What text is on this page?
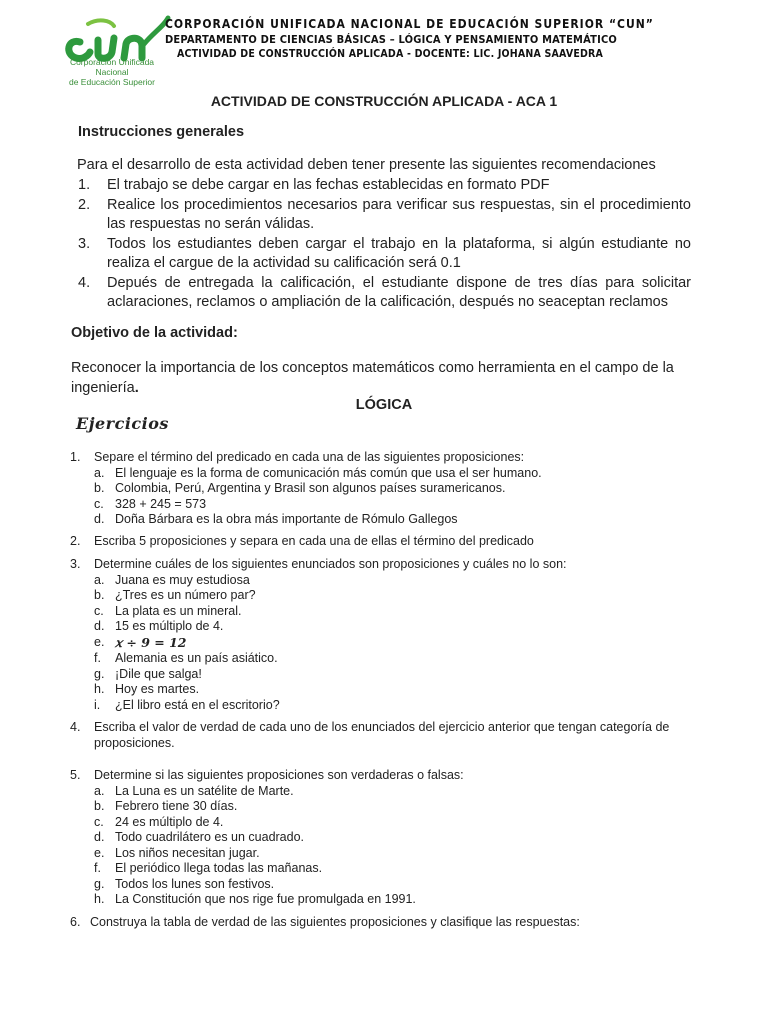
Corporación Unificada Nacional
de Educación Superior
CORPORACIÓN UNIFICADA NACIONAL DE EDUCACIÓN SUPERIOR “CUN”
DEPARTAMENTO DE CIENCIAS BÁSICAS – LÓGICA Y PENSAMIENTO MATEMÁTICO
ACTIVIDAD DE CONSTRUCCIÓN APLICADA - DOCENTE: LIC. JOHANA SAAVEDRA
ACTIVIDAD DE CONSTRUCCIÓN APLICADA - ACA 1
Instrucciones generales
Para el desarrollo de esta actividad deben tener presente las siguientes recomendaciones
1. El trabajo se debe cargar en las fechas establecidas en formato PDF
2. Realice los procedimientos necesarios para verificar sus respuestas, sin el procedimiento las respuestas no serán válidas.
3. Todos los estudiantes deben cargar el trabajo en la plataforma, si algún estudiante no realiza el cargue de la actividad su calificación será 0.1
4. Depués de entregada la calificación, el estudiante dispone de tres días para solicitar aclaraciones, reclamos o ampliación de la calificación, después no seaceptan reclamos
Objetivo de la actividad:
Reconocer la importancia de los conceptos matemáticos como herramienta en el campo de la ingeniería.
LÓGICA
Ejercicios
1. Separe el término del predicado en cada una de las siguientes proposiciones:
a. El lenguaje es la forma de comunicación más común que usa el ser humano.
b. Colombia, Perú, Argentina y Brasil son algunos países suramericanos.
c. 328 + 245 = 573
d. Doña Bárbara es la obra más importante de Rómulo Gallegos
2. Escriba 5 proposiciones y separa en cada una de ellas el término del predicado
3. Determine cuáles de los siguientes enunciados son proposiciones y cuáles no lo son:
a. Juana es muy estudiosa
b. ¿Tres es un número par?
c. La plata es un mineral.
d. 15 es múltiplo de 4.
e. 𝑥 ÷ 9 = 12
f. Alemania es un país asiático.
g. ¡Dile que salga!
h. Hoy es martes.
i. ¿El libro está en el escritorio?
4. Escriba el valor de verdad de cada uno de los enunciados del ejercicio anterior que tengan categoría de proposiciones.
5. Determine si las siguientes proposiciones son verdaderas o falsas:
a. La Luna es un satélite de Marte.
b. Febrero tiene 30 días.
c. 24 es múltiplo de 4.
d. Todo cuadrilátero es un cuadrado.
e. Los niños necesitan jugar.
f. El periódico llega todas las mañanas.
g. Todos los lunes son festivos.
h. La Constitución que nos rige fue promulgada en 1991.
6. Construya la tabla de verdad de las siguientes proposiciones y clasifique las respuestas:
